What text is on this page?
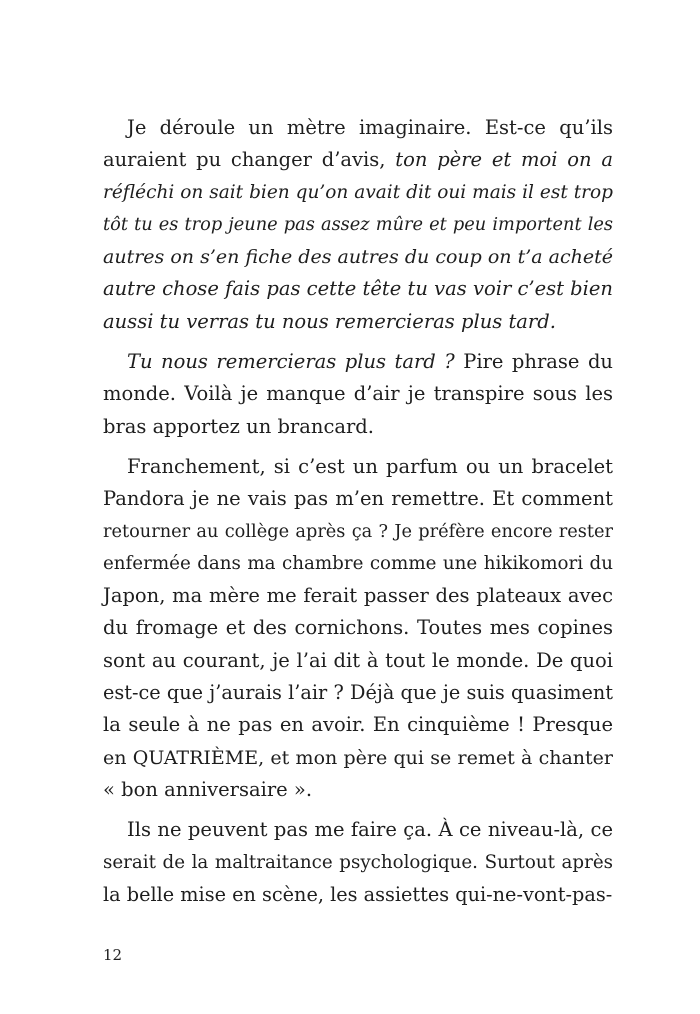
Je déroule un mètre imaginaire. Est-ce qu’ils
auraient pu changer d’avis, ton père et moi on a
réfléchi on sait bien qu’on avait dit oui mais il est trop
tôt tu es trop jeune pas assez mûre et peu importent les
autres on s’en fiche des autres du coup on t’a acheté
autre chose fais pas cette tête tu vas voir c’est bien
aussi tu verras tu nous remercieras plus tard.
Tu nous remercieras plus tard ? Pire phrase du
monde. Voilà je manque d’air je transpire sous les
bras apportez un brancard.
Franchement, si c’est un parfum ou un bracelet
Pandora je ne vais pas m’en remettre. Et comment
retourner au collège après ça ? Je préfère encore rester
enfermée dans ma chambre comme une hikikomori du
Japon, ma mère me ferait passer des plateaux avec
du fromage et des cornichons. Toutes mes copines
sont au courant, je l’ai dit à tout le monde. De quoi
est-ce que j’aurais l’air ? Déjà que je suis quasiment
la seule à ne pas en avoir. En cinquième ! Presque
en QUATRIÈME, et mon père qui se remet à chanter
« bon anniversaire ».
Ils ne peuvent pas me faire ça. À ce niveau-là, ce
serait de la maltraitance psychologique. Surtout après
la belle mise en scène, les assiettes qui-ne-vont-pas-
12
